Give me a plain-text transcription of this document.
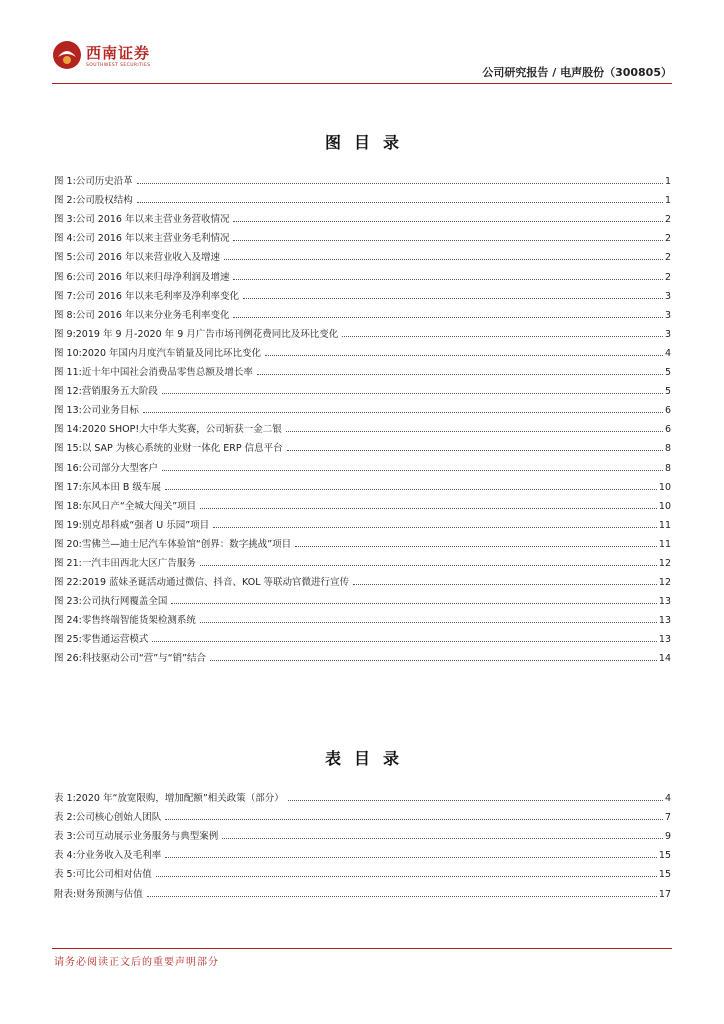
西南证券
SOUTHWEST SECURITIES
公司研究报告 / 电声股份（300805）
图目录
图 1: 公司历史沿革	1
图 2: 公司股权结构	1
图 3: 公司 2016 年以来主营业务营收情况	2
图 4: 公司 2016 年以来主营业务毛利情况	2
图 5: 公司 2016 年以来营业收入及增速	2
图 6: 公司 2016 年以来归母净利润及增速	2
图 7: 公司 2016 年以来毛利率及净利率变化	3
图 8: 公司 2016 年以来分业务毛利率变化	3
图 9: 2019 年 9 月-2020 年 9 月广告市场刊例花费同比及环比变化	3
图 10: 2020 年国内月度汽车销量及同比环比变化	4
图 11: 近十年中国社会消费品零售总额及增长率	5
图 12: 营销服务五大阶段	5
图 13: 公司业务目标	6
图 14: 2020 SHOP!大中华大奖赛，公司斩获一金二银	6
图 15: 以 SAP 为核心系统的业财一体化 ERP 信息平台	8
图 16: 公司部分大型客户	8
图 17: 东风本田 B 级车展	10
图 18: 东风日产“全城大闯关”项目	10
图 19: 别克昂科威“强者 U 乐园”项目	11
图 20: 雪佛兰—迪士尼汽车体验馆“创界：数字挑战”项目	11
图 21: 一汽丰田西北大区广告服务	12
图 22: 2019 蓝妹圣诞活动通过微信、抖音、KOL 等联动官微进行宣传	12
图 23: 公司执行网覆盖全国	13
图 24: 零售终端智能货架检测系统	13
图 25: 零售通运营模式	13
图 26: 科技驱动公司“营”与“销”结合	14
表目录
表 1: 2020 年“放宽限购，增加配额”相关政策（部分）	4
表 2: 公司核心创始人团队	7
表 3: 公司互动展示业务服务与典型案例	9
表 4: 分业务收入及毛利率	15
表 5: 可比公司相对估值	15
附表: 财务预测与估值	17
请务必阅读正文后的重要声明部分
